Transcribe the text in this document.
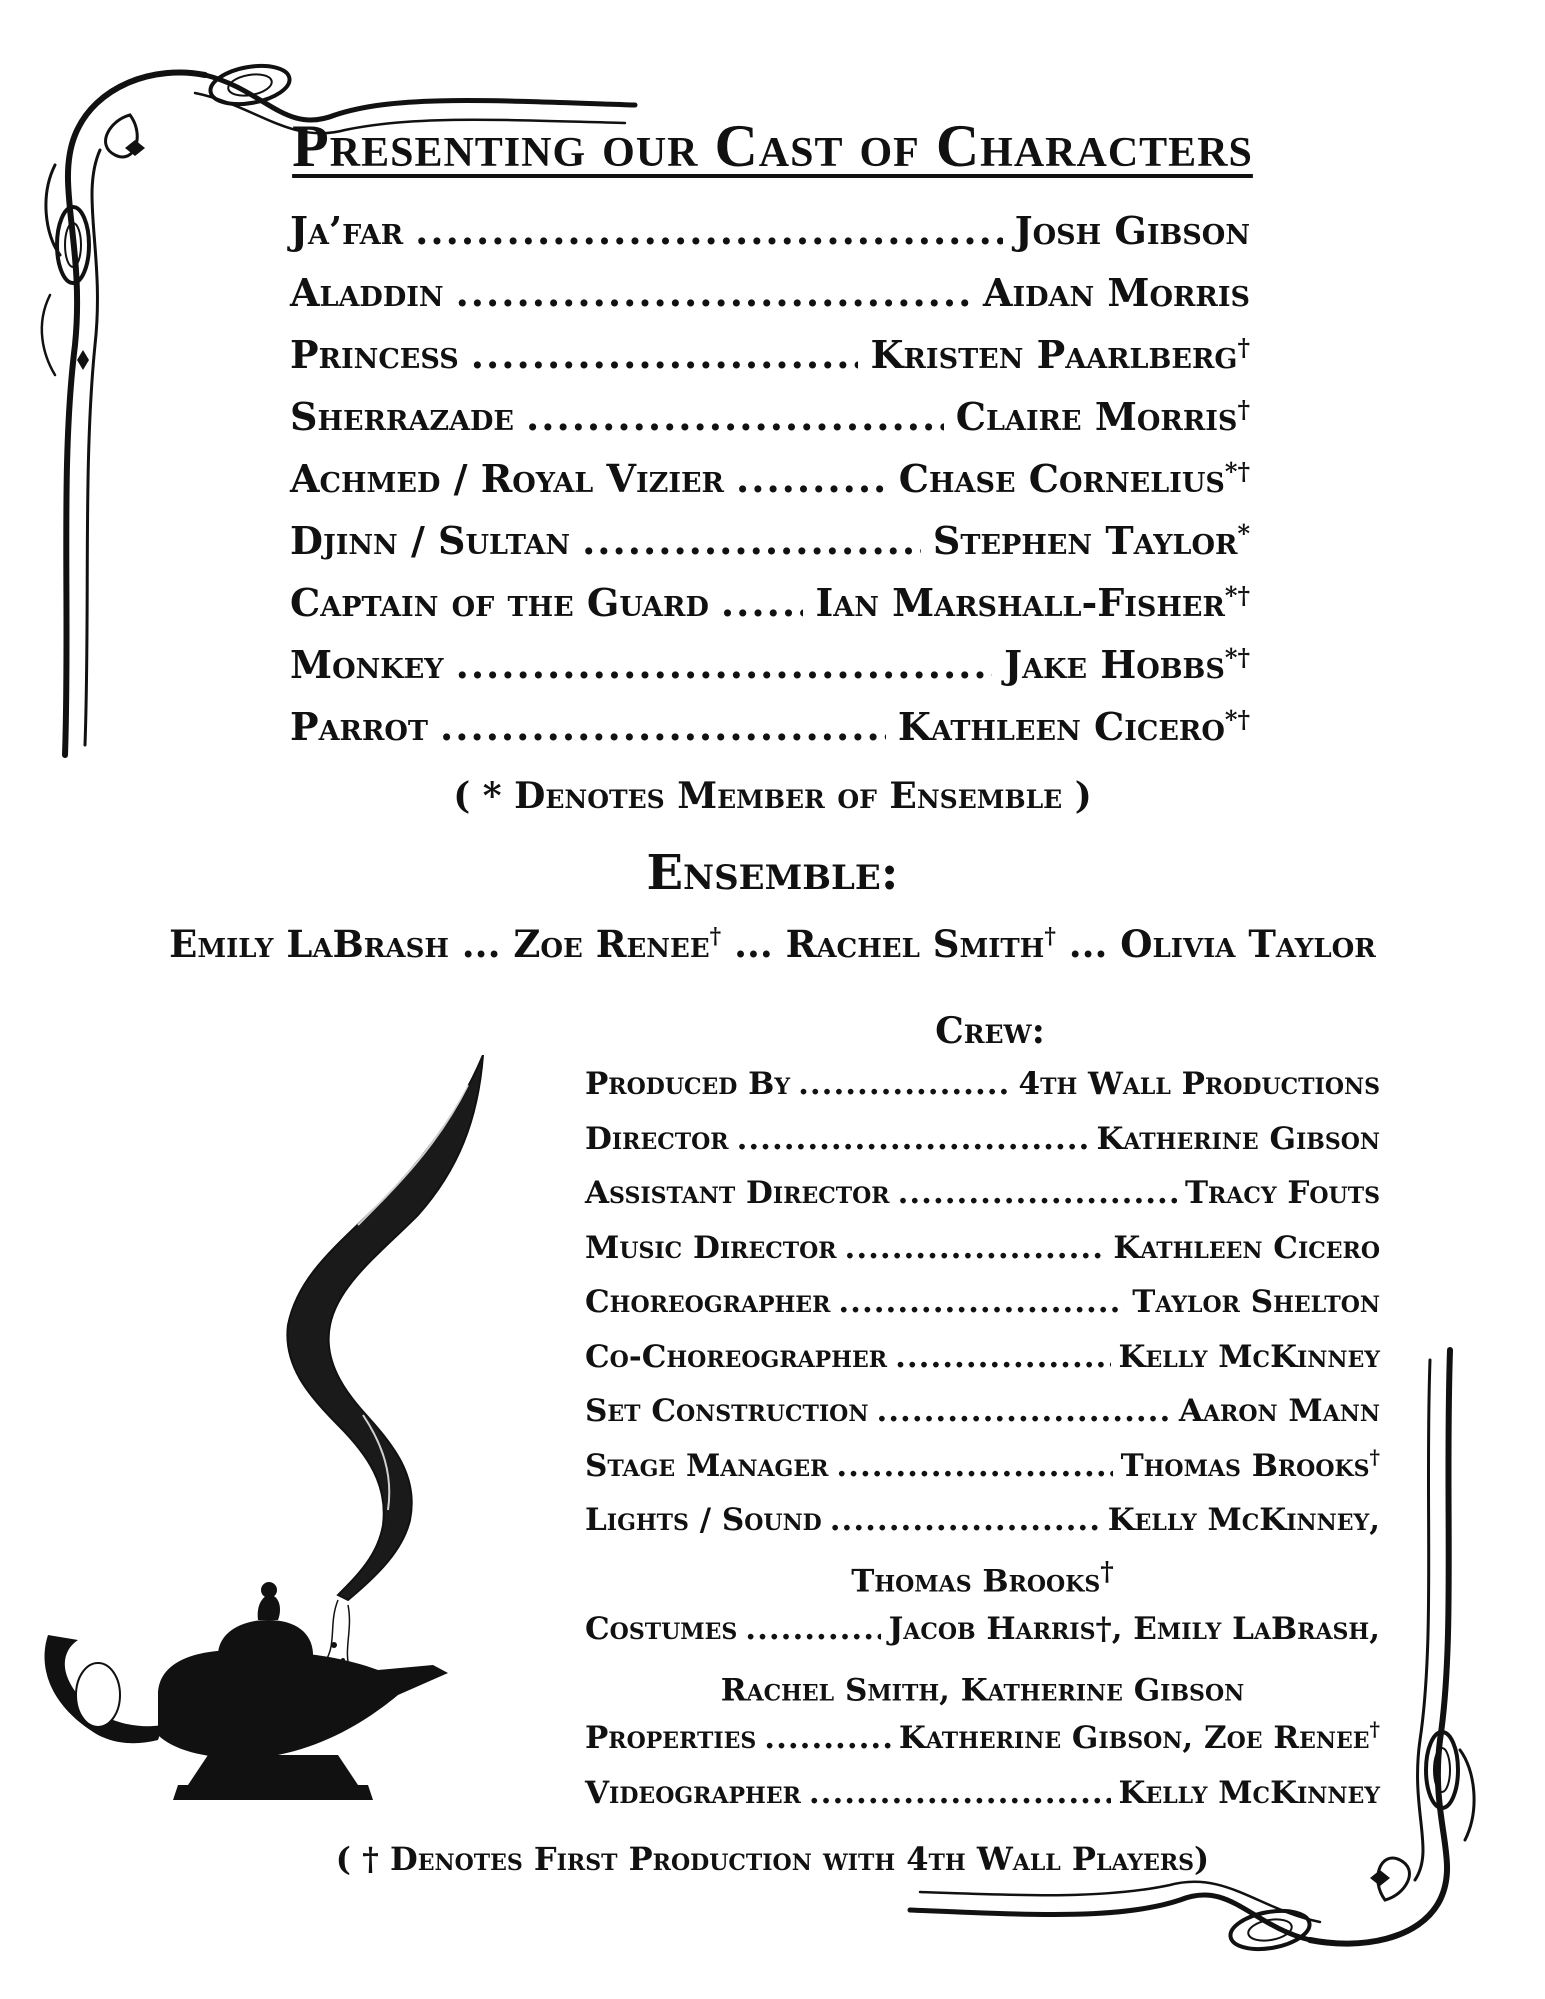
Presenting our Cast of Characters
Ja’far .....	Josh Gibson
Aladdin .....	Aidan Morris
Princess .....	Kristen Paarlberg †
Sherrazade .....	Claire Morris †
Achmed / Royal Vizier .....	Chase Cornelius *†
Djinn / Sultan .....	Stephen Taylor *
Captain of the Guard .....	Ian Marshall-Fisher *†
Monkey .....	Jake Hobbs *†
Parrot .....	Kathleen Cicero *†
( * Denotes Member of Ensemble )
Ensemble:
Emily LaBrash ... Zoe Renee† ... Rachel Smith† ... Olivia Taylor
Crew:
Produced By .....	4th Wall Productions
Director .....	Katherine Gibson
Assistant Director .....	Tracy Fouts
Music Director .....	Kathleen Cicero
Choreographer .....	Taylor Shelton
Co-Choreographer .....	Kelly McKinney
Set Construction .....	Aaron Mann
Stage Manager .....	Thomas Brooks †
Lights / Sound .....	Kelly McKinney,
Thomas Brooks†
Costumes .....	Jacob Harris†, Emily LaBrash,
Rachel Smith, Katherine Gibson
Properties .....	Katherine Gibson, Zoe Renee †
Videographer .....	Kelly McKinney
( † Denotes First Production with 4th Wall Players)
